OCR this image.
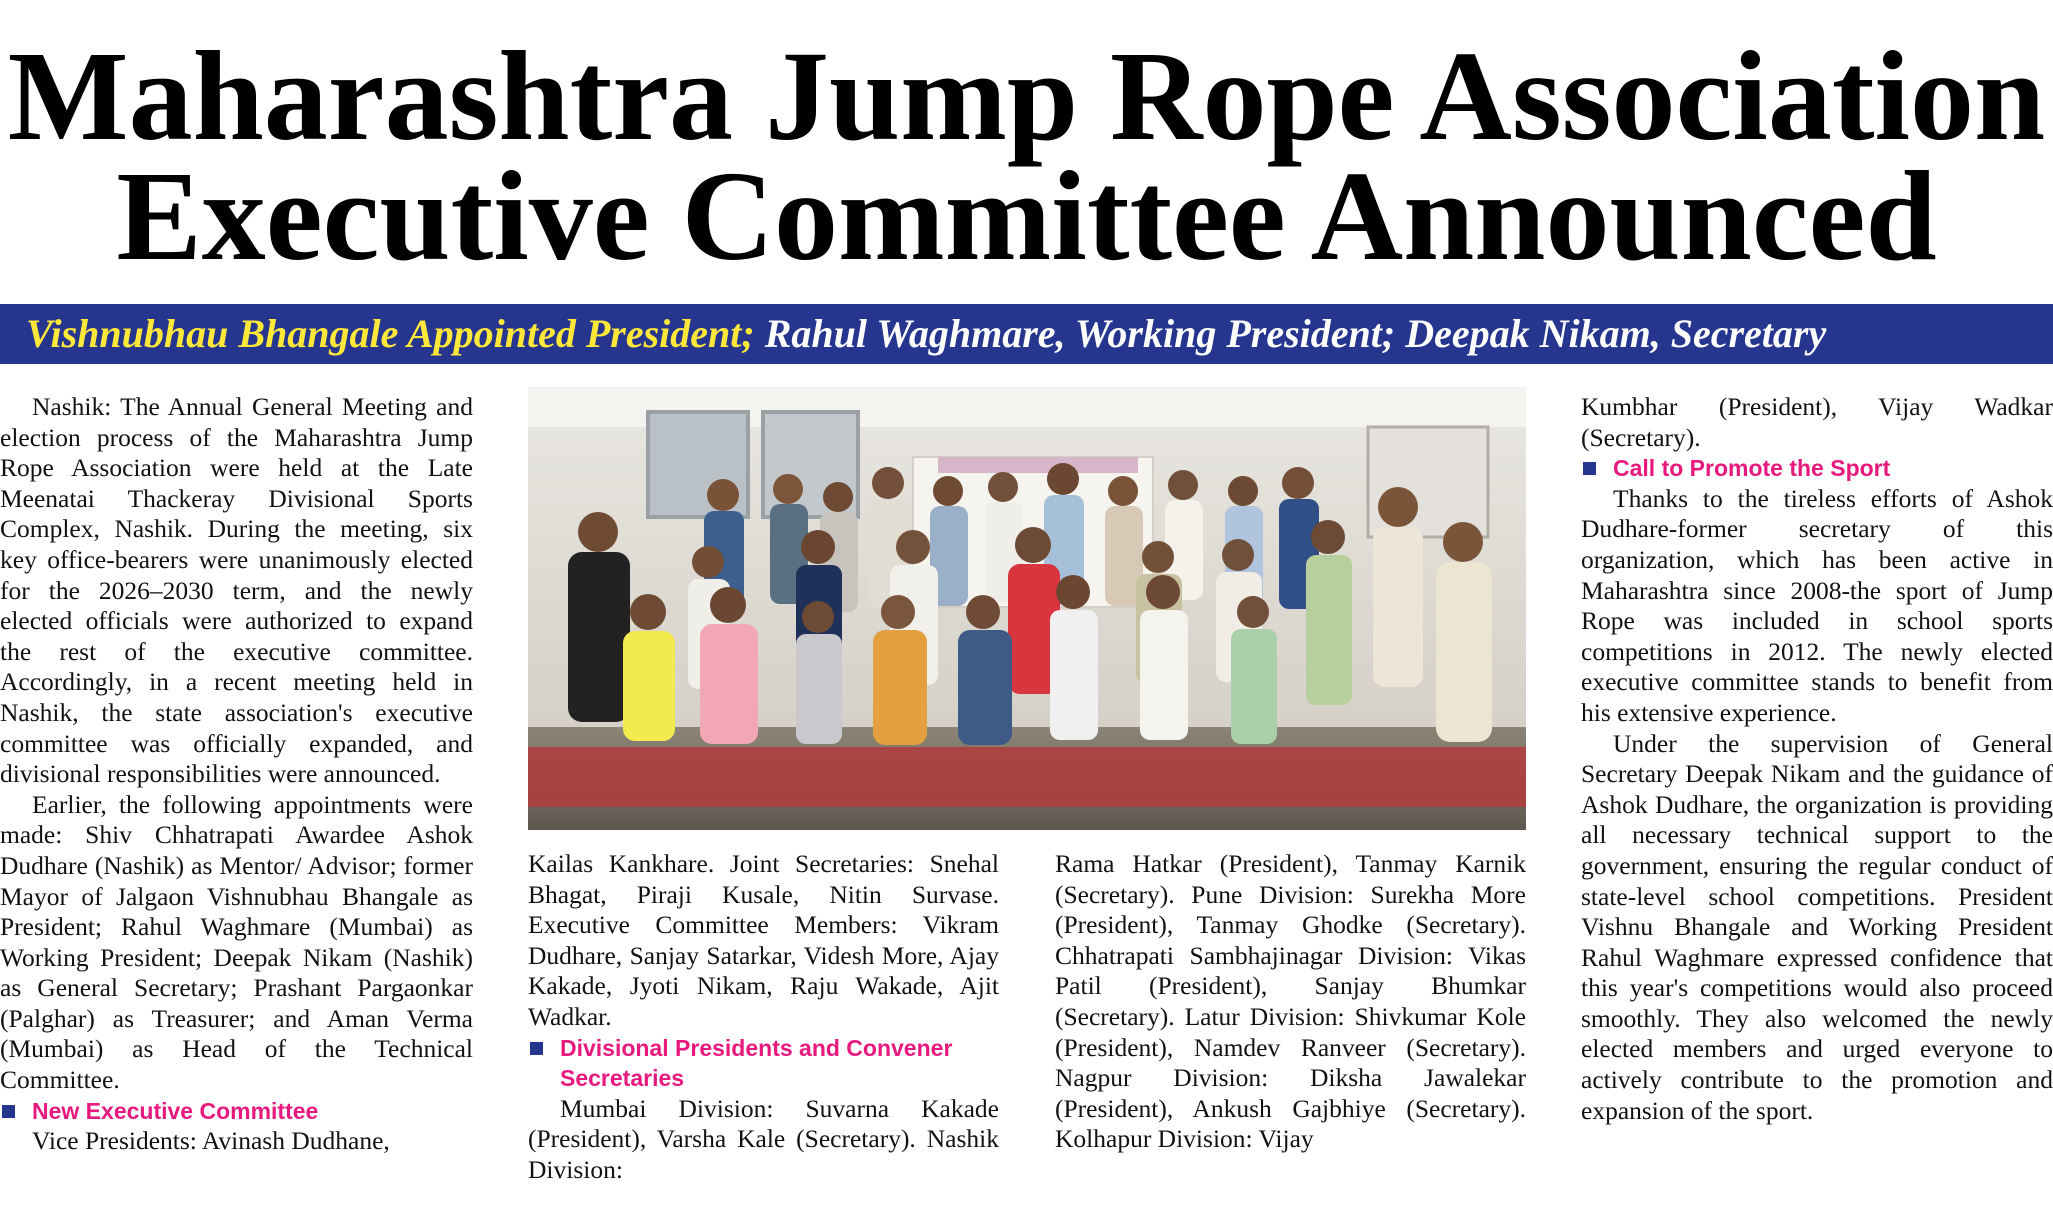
Maharashtra Jump Rope Association
Executive Committee Announced
Vishnubhau Bhangale Appointed President; Rahul Waghmare, Working President; Deepak Nikam, Secretary

Nashik: The Annual General Meeting and election process of the Maharashtra Jump Rope Association were held at the Late Meenatai Thackeray Divisional Sports Complex, Nashik. During the meeting, six key office-bearers were unanimously elected for the 2026–2030 term, and the newly elected officials were authorized to expand the rest of the executive committee. Accordingly, in a recent meeting held in Nashik, the state association's executive committee was officially expanded, and divisional responsibilities were announced.

Earlier, the following appointments were made: Shiv Chhatrapati Awardee Ashok Dudhare (Nashik) as Mentor/ Advisor; former Mayor of Jalgaon Vishnubhau Bhangale as President; Rahul Waghmare (Mumbai) as Working President; Deepak Nikam (Nashik) as General Secretary; Prashant Pargaonkar (Palghar) as Treasurer; and Aman Verma (Mumbai) as Head of the Technical Committee.

New Executive Committee

Vice Presidents: Avinash Dudhane,

Kailas Kankhare. Joint Secretaries: Snehal Bhagat, Piraji Kusale, Nitin Survase. Executive Committee Members: Vikram Dudhare, Sanjay Satarkar, Videsh More, Ajay Kakade, Jyoti Nikam, Raju Wakade, Ajit Wadkar.

Divisional Presidents and Convener Secretaries

Mumbai Division: Suvarna Kakade (President), Varsha Kale (Secretary). Nashik Division:

Rama Hatkar (President), Tanmay Karnik (Secretary). Pune Division: Surekha More (President), Tanmay Ghodke (Secretary). Chhatrapati Sambhajinagar Division: Vikas Patil (President), Sanjay Bhumkar (Secretary). Latur Division: Shivkumar Kole (President), Namdev Ranveer (Secretary). Nagpur Division: Diksha Jawalekar (President), Ankush Gajbhiye (Secretary). Kolhapur Division: Vijay

Kumbhar (President), Vijay Wadkar (Secretary).

Call to Promote the Sport

Thanks to the tireless efforts of Ashok Dudhare-former secretary of this organization, which has been active in Maharashtra since 2008-the sport of Jump Rope was included in school sports competitions in 2012. The newly elected executive committee stands to benefit from his extensive experience.

Under the supervision of General Secretary Deepak Nikam and the guidance of Ashok Dudhare, the organization is providing all necessary technical support to the government, ensuring the regular conduct of state-level school competitions. President Vishnu Bhangale and Working President Rahul Waghmare expressed confidence that this year's competitions would also proceed smoothly. They also welcomed the newly elected members and urged everyone to actively contribute to the promotion and expansion of the sport.
